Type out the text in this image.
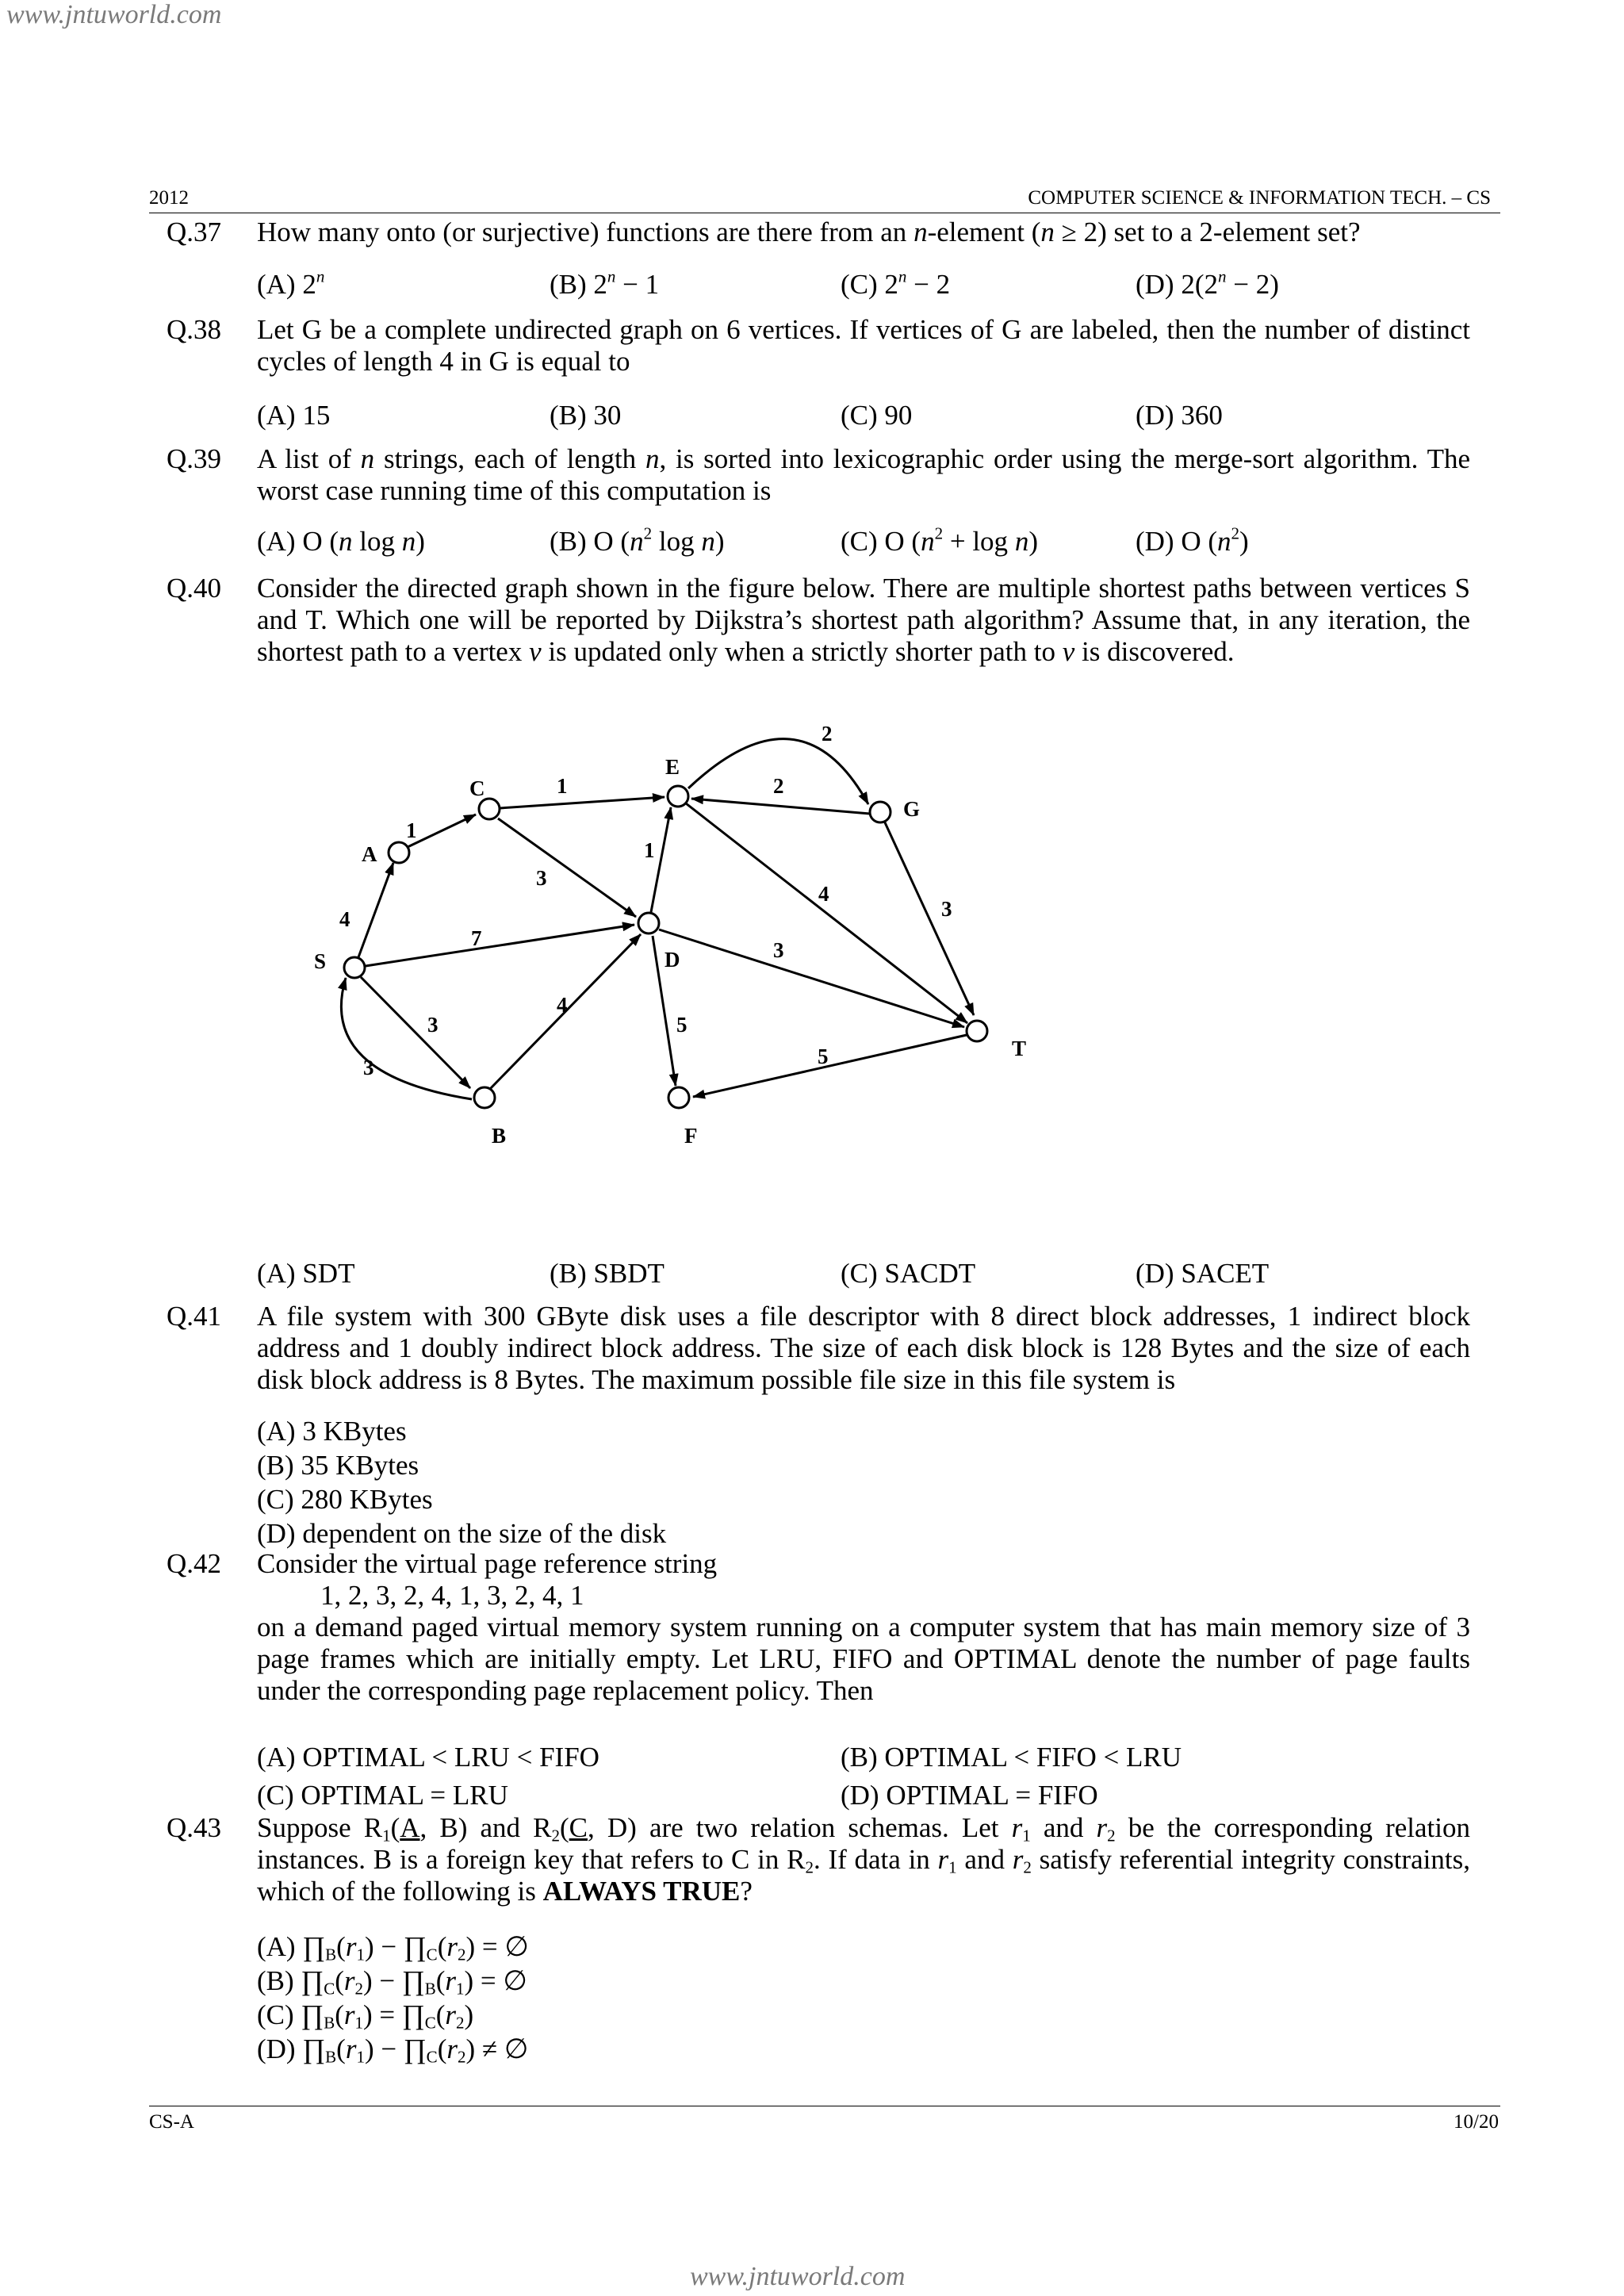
www.jntuworld.com
www.jntuworld.com
2012	COMPUTER SCIENCE & INFORMATION TECH. – CS
Q.37 How many onto (or surjective) functions are there from an n-element (n ≥ 2) set to a 2-element set?
(A) 2$^n$	(B) $2^n - 1$	(C) $2^n - 2$	(D) $2(2^n - 2)$
Q.38 Let G be a complete undirected graph on 6 vertices. If vertices of G are labeled, then the number of distinct cycles of length 4 in G is equal to
(A) 15	(B) 30	(C) 90	(D) 360
Q.39 A list of n strings, each of length n, is sorted into lexicographic order using the merge-sort algorithm. The worst case running time of this computation is
(A) O (n log n)	(B) O ($n^2$ log n)	(C) O $(n^2 + \log n)$	(D) O $(n^2)$
Q.40 Consider the directed graph shown in the figure below. There are multiple shortest paths between vertices S and T. Which one will be reported by Dijkstra’s shortest path algorithm? Assume that, in any iteration, the shortest path to a vertex v is updated only when a strictly shorter path to v is discovered.
S
A
C
E
G
D
B	F
T
4
1
1
3
7
3
3
4
1
2
2
4
3
3
5
5
(A) SDT	(B) SBDT	(C) SACDT	(D) SACET
Q.41 A file system with 300 GByte disk uses a file descriptor with 8 direct block addresses, 1 indirect block address and 1 doubly indirect block address. The size of each disk block is 128 Bytes and the size of each disk block address is 8 Bytes. The maximum possible file size in this file system is
(A) 3 KBytes
(B) 35 KBytes
(C) 280 KBytes
(D) dependent on the size of the disk
Q.42 Consider the virtual page reference string
1, 2, 3, 2, 4, 1, 3, 2, 4, 1
on a demand paged virtual memory system running on a computer system that has main memory size of 3 page frames which are initially empty. Let LRU, FIFO and OPTIMAL denote the number of page faults under the corresponding page replacement policy. Then
(A) OPTIMAL < LRU < FIFO	(B) OPTIMAL < FIFO < LRU
(C) OPTIMAL = LRU	(D) OPTIMAL = FIFO
Q.43 Suppose $R_1(A$, B) and $R_2(C$, D) are two relation schemas. Let $r_1$ and $r_2$ be the corresponding relation instances. B is a foreign key that refers to C in $R_2$. If data in $r_1$ and $r_2$ satisfy referential integrity constraints, which of the following is ALWAYS TRUE?
(A) $\prod_B(r_1)$ − $\prod_C(r_2)$ = ∅
(B) $\prod_C(r_2)$ − $\prod_B(r_1)$ = ∅
(C) $\prod_B(r_1)$ = $\prod_C(r_2)$
(D) $\prod_B(r_1)$ − $\prod_C(r_2)$ ≠ ∅
CS-A	10/20
